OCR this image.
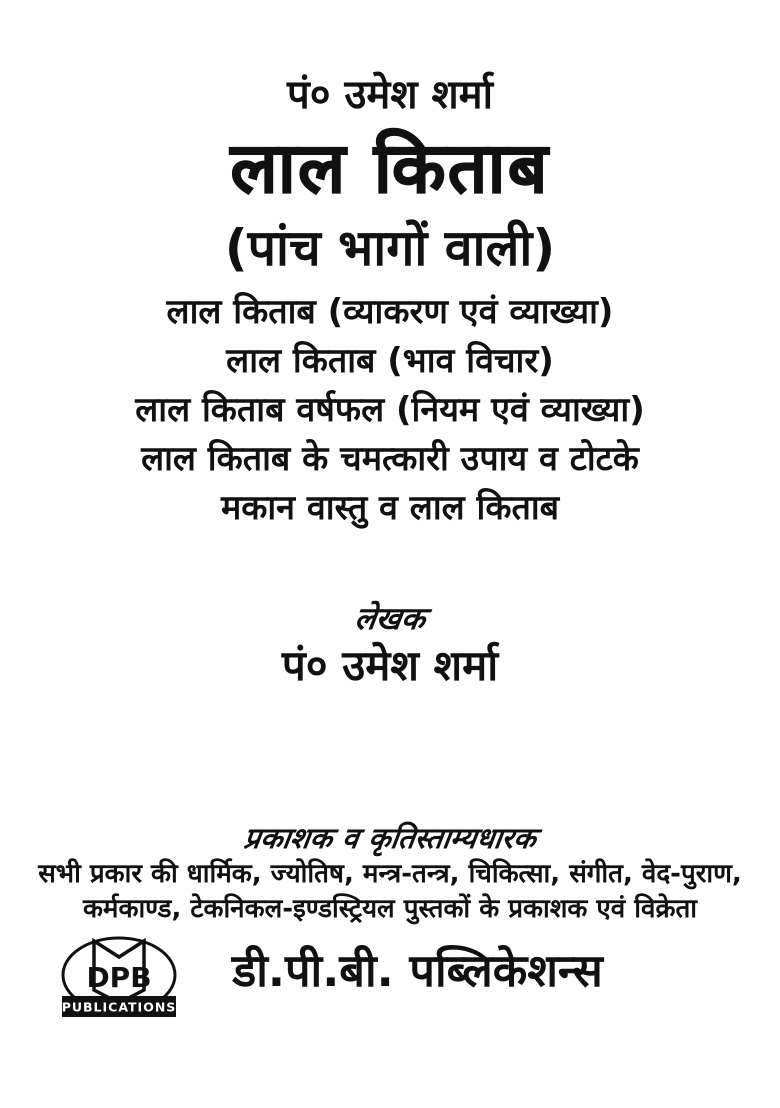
पं० उमेश शर्मा
लाल किताब
(पांच भागों वाली)
लाल किताब (व्याकरण एवं व्याख्या)
लाल किताब (भाव विचार)
लाल किताब वर्षफल (नियम एवं व्याख्या)
लाल किताब के चमत्कारी उपाय व टोटके
मकान वास्तु व लाल किताब
लेखक
पं० उमेश शर्मा
प्रकाशक व कृतिस्ताम्यधारक
सभी प्रकार की धार्मिक, ज्योतिष, मन्त्र-तन्त्र, चिकित्सा, संगीत, वेद-पुराण,
कर्मकाण्ड, टेकनिकल-इण्डस्ट्रियल पुस्तकों के प्रकाशक एवं विक्रेता
DPB
PUBLICATIONS
डी.पी.बी. पब्लिकेशन्स
